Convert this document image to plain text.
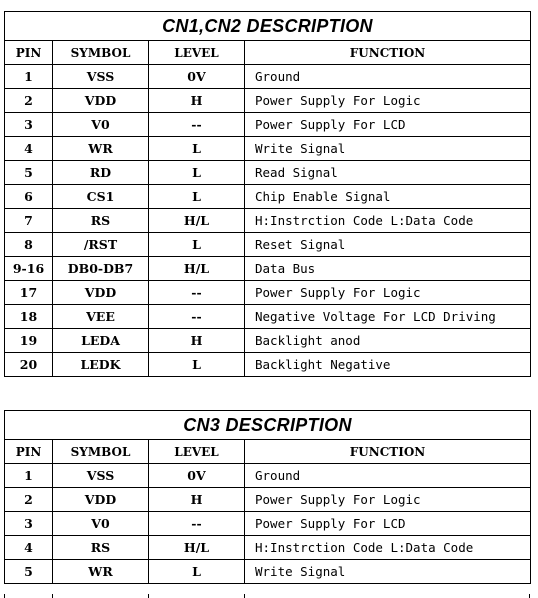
CN1,CN2 DESCRIPTION			
PIN	SYMBOL	LEVEL	FUNCTION
1	VSS	0V	Ground
2	VDD	H	Power Supply For Logic
3	V0	--	Power Supply For LCD
4	WR	L	Write Signal
5	RD	L	Read Signal
6	CS1	L	Chip Enable Signal
7	RS	H/L	H:Instrction Code L:Data Code
8	/RST	L	Reset Signal
9-16	DB0-DB7	H/L	Data Bus
17	VDD	--	Power Supply For Logic
18	VEE	--	Negative Voltage For LCD Driving
19	LEDA	H	Backlight anod
20	LEDK	L	Backlight Negative
CN3 DESCRIPTION			
PIN	SYMBOL	LEVEL	FUNCTION
1	VSS	0V	Ground
2	VDD	H	Power Supply For Logic
3	V0	--	Power Supply For LCD
4	RS	H/L	H:Instrction Code L:Data Code
5	WR	L	Write Signal
